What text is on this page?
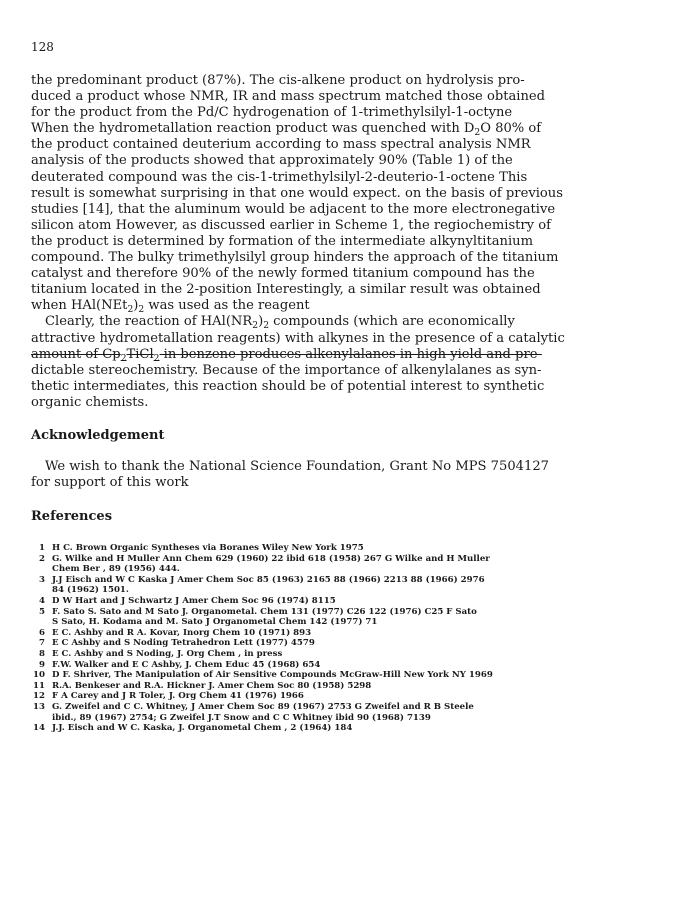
128

the predominant product (87%). The cis-alkene product on hydrolysis pro-
duced a product whose NMR, IR and mass spectrum matched those obtained
for the product from the Pd/C hydrogenation of 1-trimethylsilyl-1-octyne
When the hydrometallation reaction product was quenched with $D_2O$ 80% of
the product contained deuterium according to mass spectral analysis NMR
analysis of the products showed that approximately 90% (Table 1) of the
deuterated compound was the cis-1-trimethylsilyl-2-deuterio-1-octene This
result is somewhat surprising in that one would expect. on the basis of previous
studies [14], that the aluminum would be adjacent to the more electronegative
silicon atom However, as discussed earlier in Scheme 1, the regiochemistry of
the product is determined by formation of the intermediate alkynyltitanium
compound. The bulky trimethylsilyl group hinders the approach of the titanium
catalyst and therefore 90% of the newly formed titanium compound has the
titanium located in the 2-position Interestingly, a similar result was obtained
when $HAl(NEt_2)_2$ was used as the reagent

Clearly, the reaction of $HAl(NR_2)_2$ compounds (which are economically
attractive hydrometallation reagents) with alkynes in the presence of a catalytic
amount of $Cp_2TiCl_2$ in benzene produces alkenylalanes in high yield and pre-
dictable stereochemistry. Because of the importance of alkenylalanes as syn-
thetic intermediates, this reaction should be of potential interest to synthetic
organic chemists.

Acknowledgement

We wish to thank the National Science Foundation, Grant No MPS 7504127
for support of this work

References
1 H C. Brown Organic Syntheses via Boranes Wiley New York 1975
2 G. Wilke and H Muller Ann Chem 629 (1960) 22 ibid 618 (1958) 267 G Wilke and H Muller
Chem Ber , 89 (1956) 444.
3 J.J Eisch and W C Kaska J Amer Chem Soc 85 (1963) 2165 88 (1966) 2213 88 (1966) 2976
84 (1962) 1501.
4 D W Hart and J Schwartz J Amer Chem Soc 96 (1974) 8115
5 F. Sato S. Sato and M Sato J. Organometal. Chem 131 (1977) C26 122 (1976) C25 F Sato
S Sato, H. Kodama and M. Sato J Organometal Chem 142 (1977) 71
6 E C. Ashby and R A. Kovar, Inorg Chem 10 (1971) 893
7 E C Ashby and S Noding Tetrahedron Lett (1977) 4579
8 E C. Ashby and S Noding, J. Org Chem , in press
9 F.W. Walker and E C Ashby, J. Chem Educ 45 (1968) 654
10 D F. Shriver, The Manipulation of Air Sensitive Compounds McGraw-Hill New York NY 1969
11 R.A. Benkeser and R.A. Hickner J. Amer Chem Soc 80 (1958) 5298
12 F A Carey and J R Toler, J. Org Chem 41 (1976) 1966
13 G. Zweifel and C C. Whitney, J Amer Chem Soc 89 (1967) 2753 G Zweifel and R B Steele
ibid., 89 (1967) 2754; G Zweifel J.T Snow and C C Whitney ibid 90 (1968) 7139
14 J.J. Eisch and W C. Kaska, J. Organometal Chem , 2 (1964) 184
